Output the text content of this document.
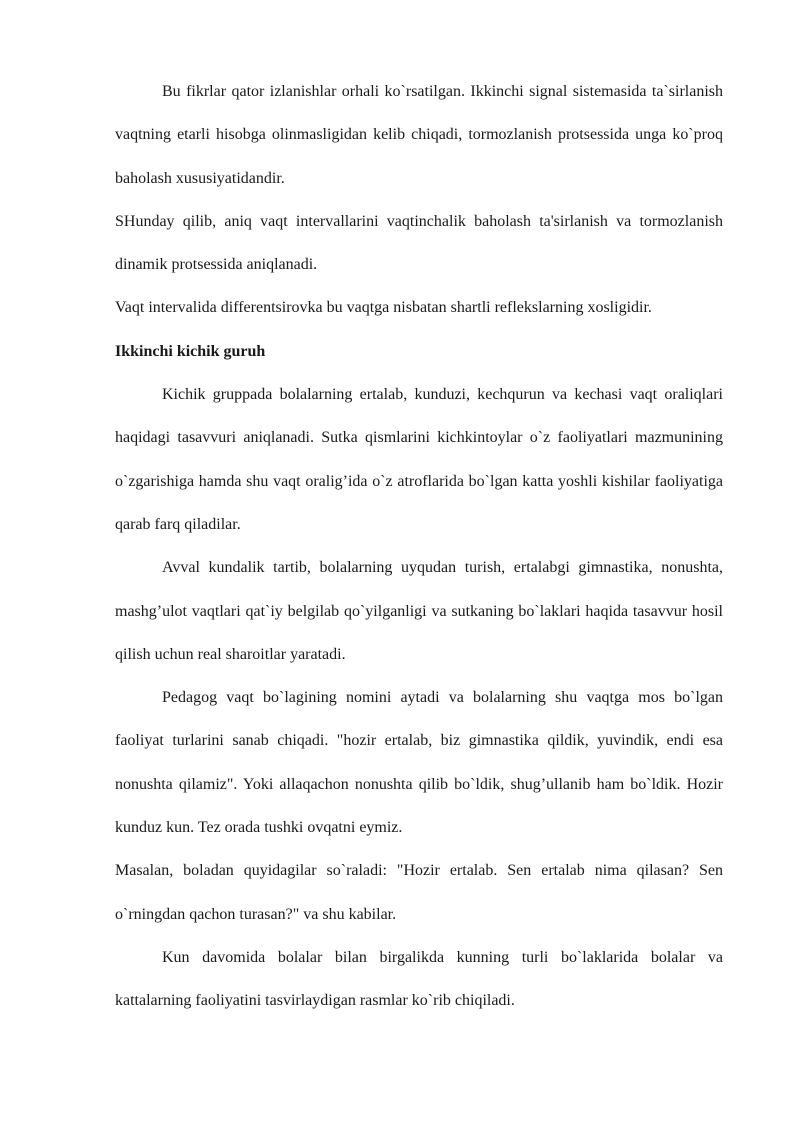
Bu fikrlar qator izlanishlar orhali ko`rsatilgan. Ikkinchi signal sistemasida ta`sirlanish vaqtning etarli hisobga olinmasligidan kelib chiqadi, tormozlanish protsessida unga ko`proq baholash xususiyatidandir.

SHunday qilib, aniq vaqt intervallarini vaqtinchalik baholash ta'sirlanish va tormozlanish dinamik protsessida aniqlanadi.

Vaqt intervalida differentsirovka bu vaqtga nisbatan shartli reflekslarning xosligidir.

Ikkinchi kichik guruh

Kichik gruppada bolalarning ertalab, kunduzi, kechqurun va kechasi vaqt oraliqlari haqidagi tasavvuri aniqlanadi. Sutka qismlarini kichkintoylar o`z faoliyatlari mazmunining o`zgarishiga hamda shu vaqt oralig’ida o`z atroflarida bo`lgan katta yoshli kishilar faoliyatiga qarab farq qiladilar.

Avval kundalik tartib, bolalarning uyqudan turish, ertalabgi gimnastika, nonushta, mashg’ulot vaqtlari qat`iy belgilab qo`yilganligi va sutkaning bo`laklari haqida tasavvur hosil qilish uchun real sharoitlar yaratadi.

Pedagog vaqt bo`lagining nomini aytadi va bolalarning shu vaqtga mos bo`lgan faoliyat turlarini sanab chiqadi. "hozir ertalab, biz gimnastika qildik, yuvindik, endi esa nonushta qilamiz". Yoki allaqachon nonushta qilib bo`ldik, shug’ullanib ham bo`ldik. Hozir kunduz kun. Tez orada tushki ovqatni eymiz.

Masalan, boladan quyidagilar so`raladi: "Hozir ertalab. Sen ertalab nima qilasan? Sen o`rningdan qachon turasan?" va shu kabilar.

Kun davomida bolalar bilan birgalikda kunning turli bo`laklarida bolalar va kattalarning faoliyatini tasvirlaydigan rasmlar ko`rib chiqiladi.
